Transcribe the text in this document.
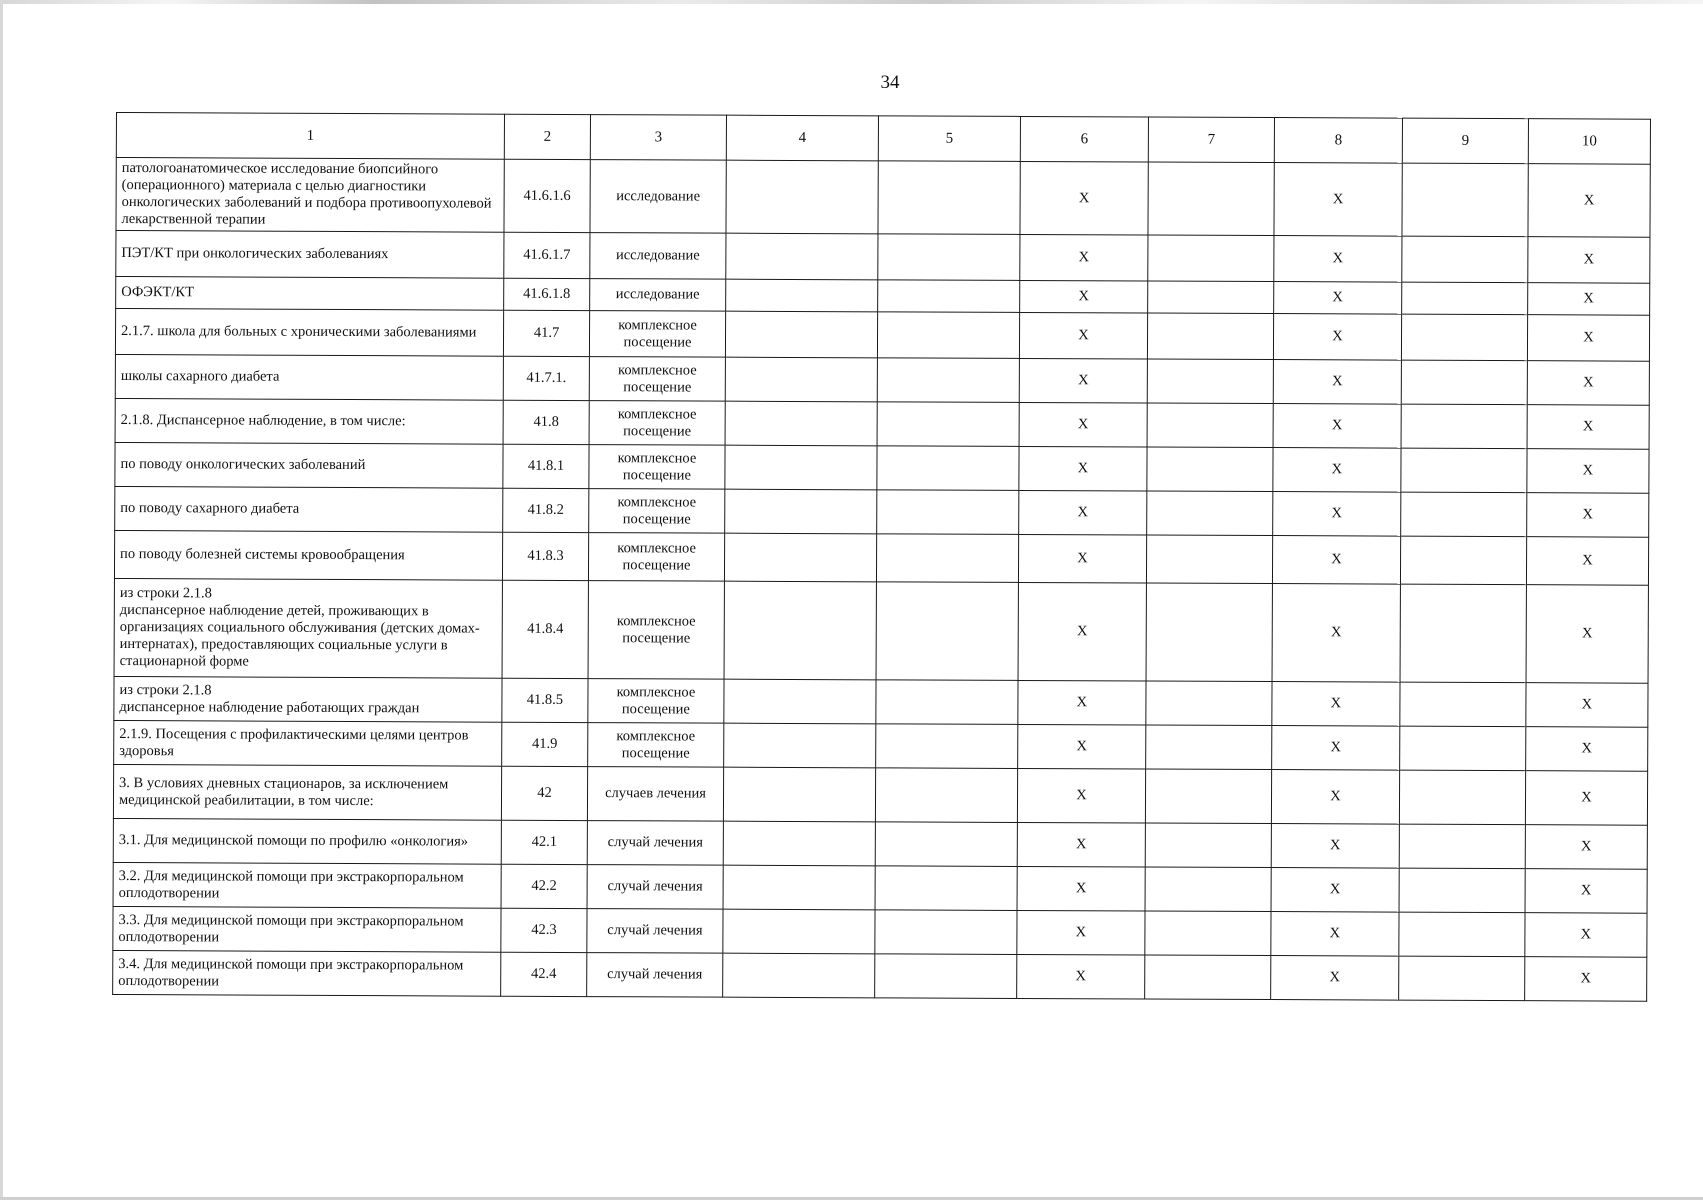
34
1	2	3	4	5	6	7	8	9	10
патологоанатомическое исследование биопсийного (операционного) материала с целью диагностики онкологических заболеваний и подбора противоопухолевой лекарственной терапии	41.6.1.6	исследование			X		X		X
ПЭТ/КТ при онкологических заболеваниях	41.6.1.7	исследование			X		X		X
ОФЭКТ/КТ	41.6.1.8	исследование			X		X		X
2.1.7. школа для больных с хроническими заболеваниями	41.7	комплексное посещение			X		X		X
школы сахарного диабета	41.7.1.	комплексное посещение			X		X		X
2.1.8. Диспансерное наблюдение, в том числе:	41.8	комплексное посещение			X		X		X
по поводу онкологических заболеваний	41.8.1	комплексное посещение			X		X		X
по поводу сахарного диабета	41.8.2	комплексное посещение			X		X		X
по поводу болезней системы кровообращения	41.8.3	комплексное посещение			X		X		X
из строки 2.1.8
диспансерное наблюдение детей, проживающих в организациях социального обслуживания (детских домах-интернатах), предоставляющих социальные услуги в стационарной форме	41.8.4	комплексное посещение			X		X		X
из строки 2.1.8
диспансерное наблюдение работающих граждан	41.8.5	комплексное посещение			X		X		X
2.1.9. Посещения с профилактическими целями центров здоровья	41.9	комплексное посещение			X		X		X
3. В условиях дневных стационаров, за исключением медицинской реабилитации, в том числе:	42	случаев лечения			X		X		X
3.1. Для медицинской помощи по профилю «онкология»	42.1	случай лечения			X		X		X
3.2. Для медицинской помощи при экстракорпоральном оплодотворении	42.2	случай лечения			X		X		X
3.3. Для медицинской помощи при экстракорпоральном оплодотворении	42.3	случай лечения			X		X		X
3.4. Для медицинской помощи при экстракорпоральном оплодотворении	42.4	случай лечения			X		X		X
